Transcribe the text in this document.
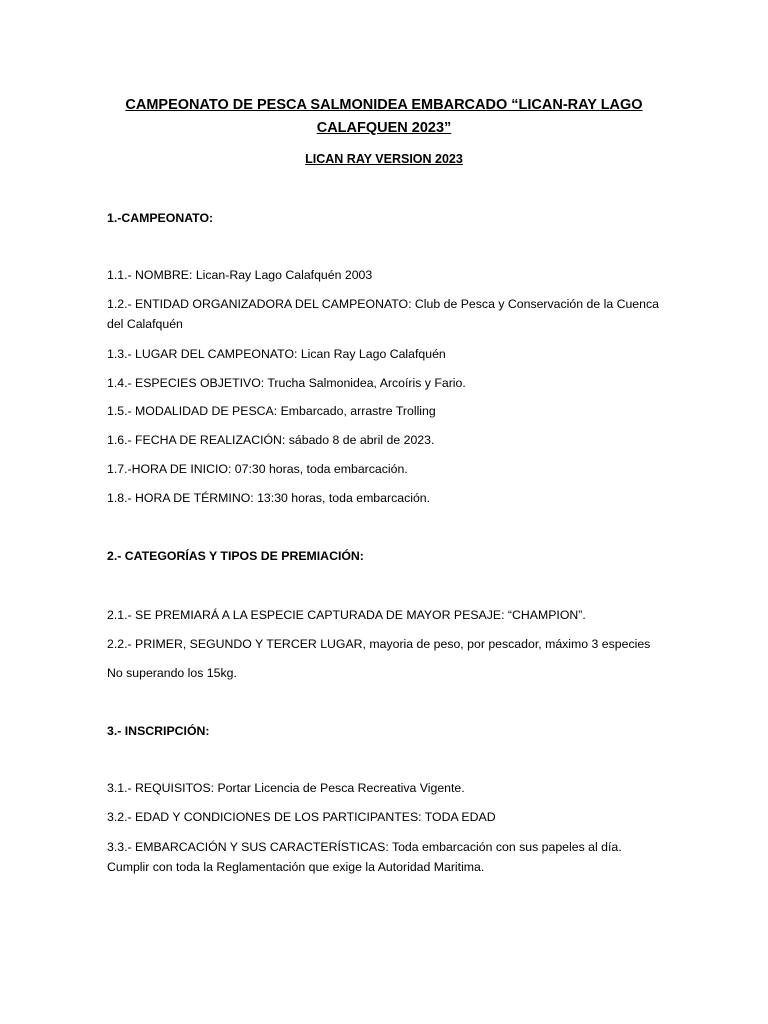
CAMPEONATO DE PESCA SALMONIDEA EMBARCADO “LICAN-RAY LAGO CALAFQUEN 2023”
LICAN RAY VERSION 2023
1.-CAMPEONATO:
1.1.- NOMBRE: Lican-Ray Lago Calafquén 2003
1.2.- ENTIDAD ORGANIZADORA DEL CAMPEONATO: Club de Pesca y Conservación de la Cuenca del Calafquén
1.3.- LUGAR DEL CAMPEONATO: Lican Ray Lago Calafquén
1.4.- ESPECIES OBJETIVO: Trucha Salmonidea, Arcoíris y Fario.
1.5.- MODALIDAD DE PESCA: Embarcado, arrastre Trolling
1.6.- FECHA DE REALIZACIÓN: sábado 8 de abril de 2023.
1.7.-HORA DE INICIO: 07:30 horas, toda embarcación.
1.8.- HORA DE TÉRMINO: 13:30 horas, toda embarcación.
2.- CATEGORÍAS Y TIPOS DE PREMIACIÓN:
2.1.- SE PREMIARÁ A LA ESPECIE CAPTURADA DE MAYOR PESAJE: “CHAMPION”.
2.2.- PRIMER, SEGUNDO Y TERCER LUGAR, mayoria de peso, por pescador, máximo 3 especies
No superando los 15kg.
3.- INSCRIPCIÓN:
3.1.- REQUISITOS: Portar Licencia de Pesca Recreativa Vigente.
3.2.- EDAD Y CONDICIONES DE LOS PARTICIPANTES: TODA EDAD
3.3.- EMBARCACIÓN Y SUS CARACTERÍSTICAS: Toda embarcación con sus papeles al día. Cumplir con toda la Reglamentación que exige la Autoridad Maritima.
